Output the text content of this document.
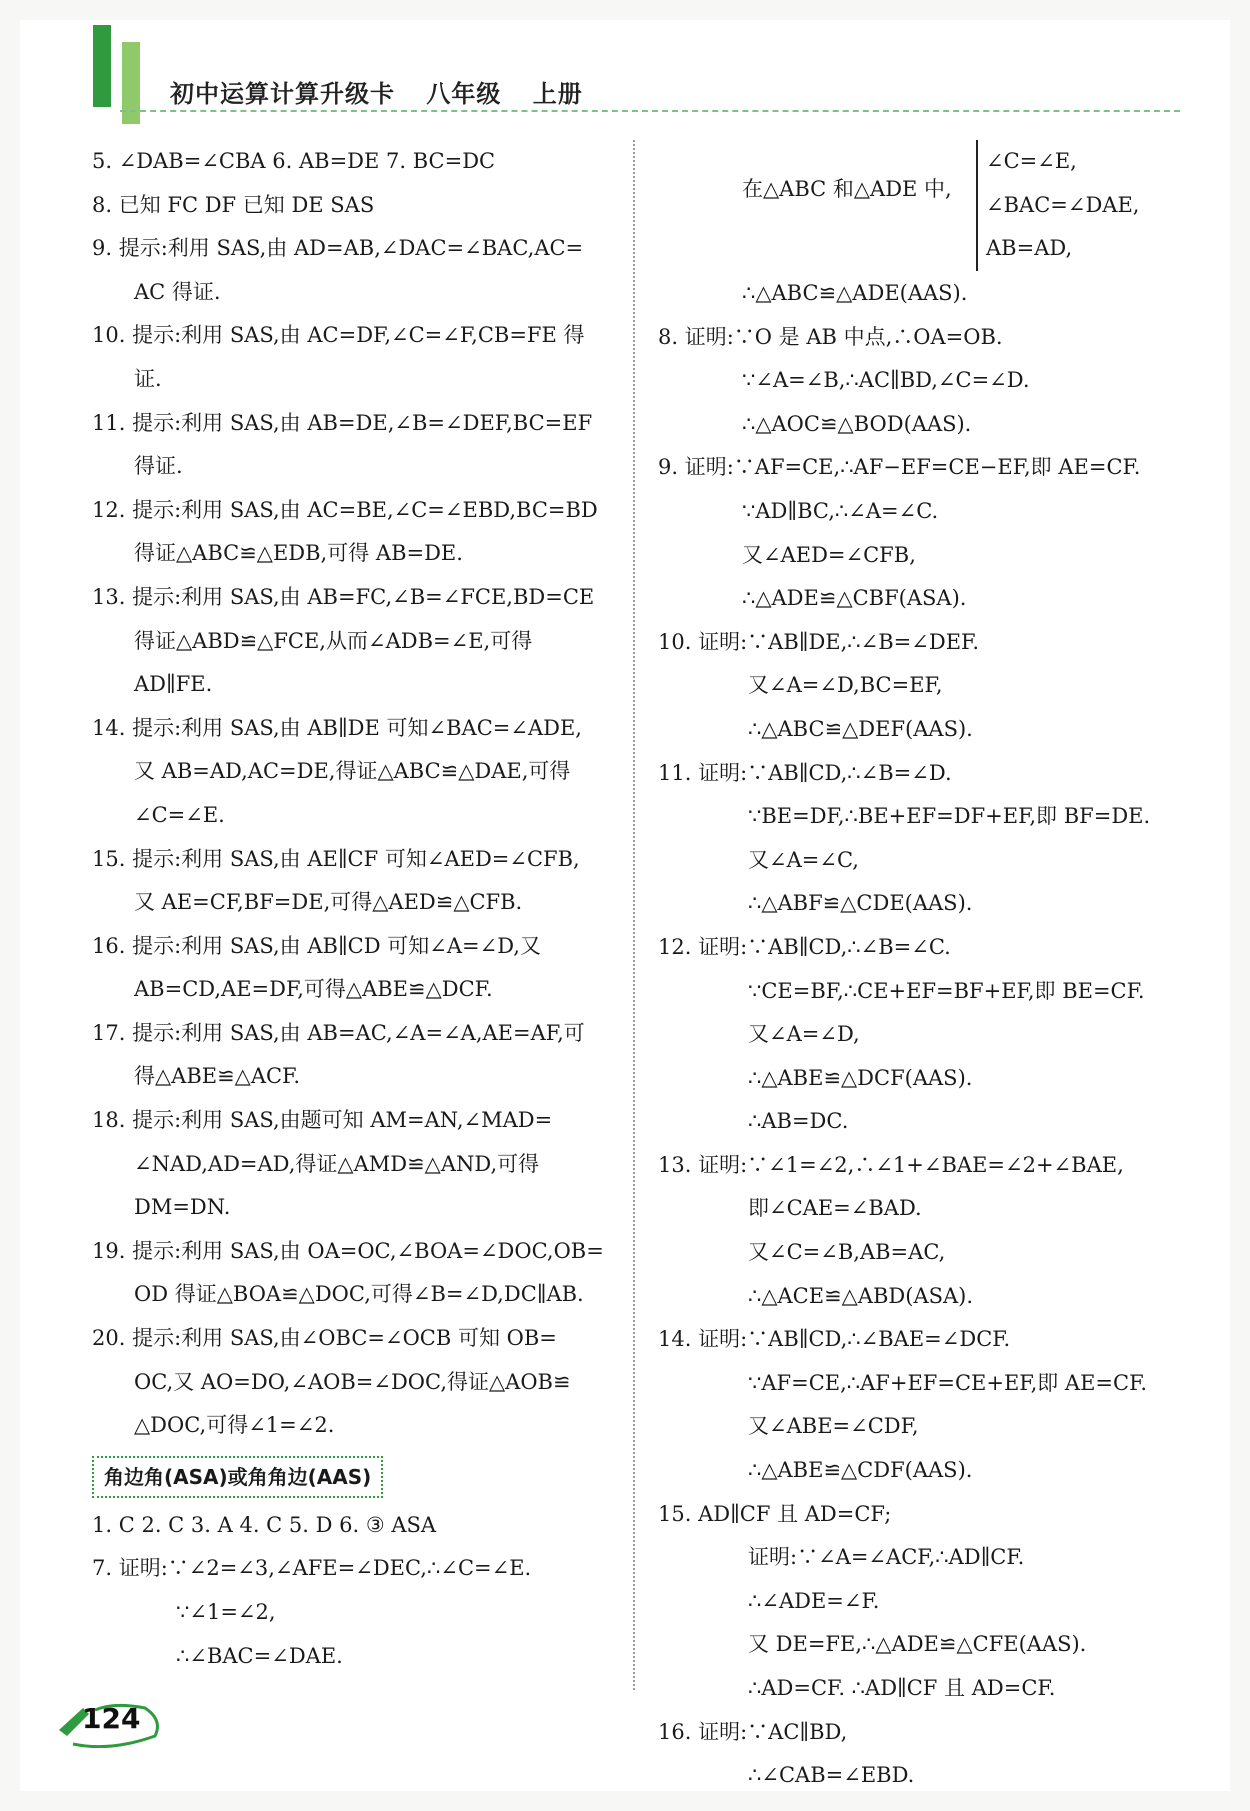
初中运算计算升级卡 八年级 上册
5. ∠DAB=∠CBA 6. AB=DE 7. BC=DC
8. 已知 FC DF 已知 DE SAS
9. 提示:利用 SAS,由 AD=AB,∠DAC=∠BAC,AC=
AC 得证.
10. 提示:利用 SAS,由 AC=DF,∠C=∠F,CB=FE 得
证.
11. 提示:利用 SAS,由 AB=DE,∠B=∠DEF,BC=EF
得证.
12. 提示:利用 SAS,由 AC=BE,∠C=∠EBD,BC=BD
得证△ABC≌△EDB,可得 AB=DE.
13. 提示:利用 SAS,由 AB=FC,∠B=∠FCE,BD=CE
得证△ABD≌△FCE,从而∠ADB=∠E,可得
AD∥FE.
14. 提示:利用 SAS,由 AB∥DE 可知∠BAC=∠ADE,
又 AB=AD,AC=DE,得证△ABC≌△DAE,可得
∠C=∠E.
15. 提示:利用 SAS,由 AE∥CF 可知∠AED=∠CFB,
又 AE=CF,BF=DE,可得△AED≌△CFB.
16. 提示:利用 SAS,由 AB∥CD 可知∠A=∠D,又
AB=CD,AE=DF,可得△ABE≌△DCF.
17. 提示:利用 SAS,由 AB=AC,∠A=∠A,AE=AF,可
得△ABE≌△ACF.
18. 提示:利用 SAS,由题可知 AM=AN,∠MAD=
∠NAD,AD=AD,得证△AMD≌△AND,可得
DM=DN.
19. 提示:利用 SAS,由 OA=OC,∠BOA=∠DOC,OB=
OD 得证△BOA≌△DOC,可得∠B=∠D,DC∥AB.
20. 提示:利用 SAS,由∠OBC=∠OCB 可知 OB=
OC,又 AO=DO,∠AOB=∠DOC,得证△AOB≌
△DOC,可得∠1=∠2.
角边角(ASA)或角角边(AAS)
1. C 2. C 3. A 4. C 5. D 6. ③ ASA
7. 证明:∵∠2=∠3,∠AFE=∠DEC,∴∠C=∠E.
∵∠1=∠2,
∴∠BAC=∠DAE.
在△ABC 和△ADE 中,
∠C=∠E,
∠BAC=∠DAE,
AB=AD,
∴△ABC≌△ADE(AAS).
8. 证明:∵O 是 AB 中点,∴OA=OB.
∵∠A=∠B,∴AC∥BD,∠C=∠D.
∴△AOC≌△BOD(AAS).
9. 证明:∵AF=CE,∴AF−EF=CE−EF,即 AE=CF.
∵AD∥BC,∴∠A=∠C.
又∠AED=∠CFB,
∴△ADE≌△CBF(ASA).
10. 证明:∵AB∥DE,∴∠B=∠DEF.
又∠A=∠D,BC=EF,
∴△ABC≌△DEF(AAS).
11. 证明:∵AB∥CD,∴∠B=∠D.
∵BE=DF,∴BE+EF=DF+EF,即 BF=DE.
又∠A=∠C,
∴△ABF≌△CDE(AAS).
12. 证明:∵AB∥CD,∴∠B=∠C.
∵CE=BF,∴CE+EF=BF+EF,即 BE=CF.
又∠A=∠D,
∴△ABE≌△DCF(AAS).
∴AB=DC.
13. 证明:∵∠1=∠2,∴∠1+∠BAE=∠2+∠BAE,
即∠CAE=∠BAD.
又∠C=∠B,AB=AC,
∴△ACE≌△ABD(ASA).
14. 证明:∵AB∥CD,∴∠BAE=∠DCF.
∵AF=CE,∴AF+EF=CE+EF,即 AE=CF.
又∠ABE=∠CDF,
∴△ABE≌△CDF(AAS).
15. AD∥CF 且 AD=CF;
证明:∵∠A=∠ACF,∴AD∥CF.
∴∠ADE=∠F.
又 DE=FE,∴△ADE≌△CFE(AAS).
∴AD=CF. ∴AD∥CF 且 AD=CF.
16. 证明:∵AC∥BD,
∴∠CAB=∠EBD.
124
